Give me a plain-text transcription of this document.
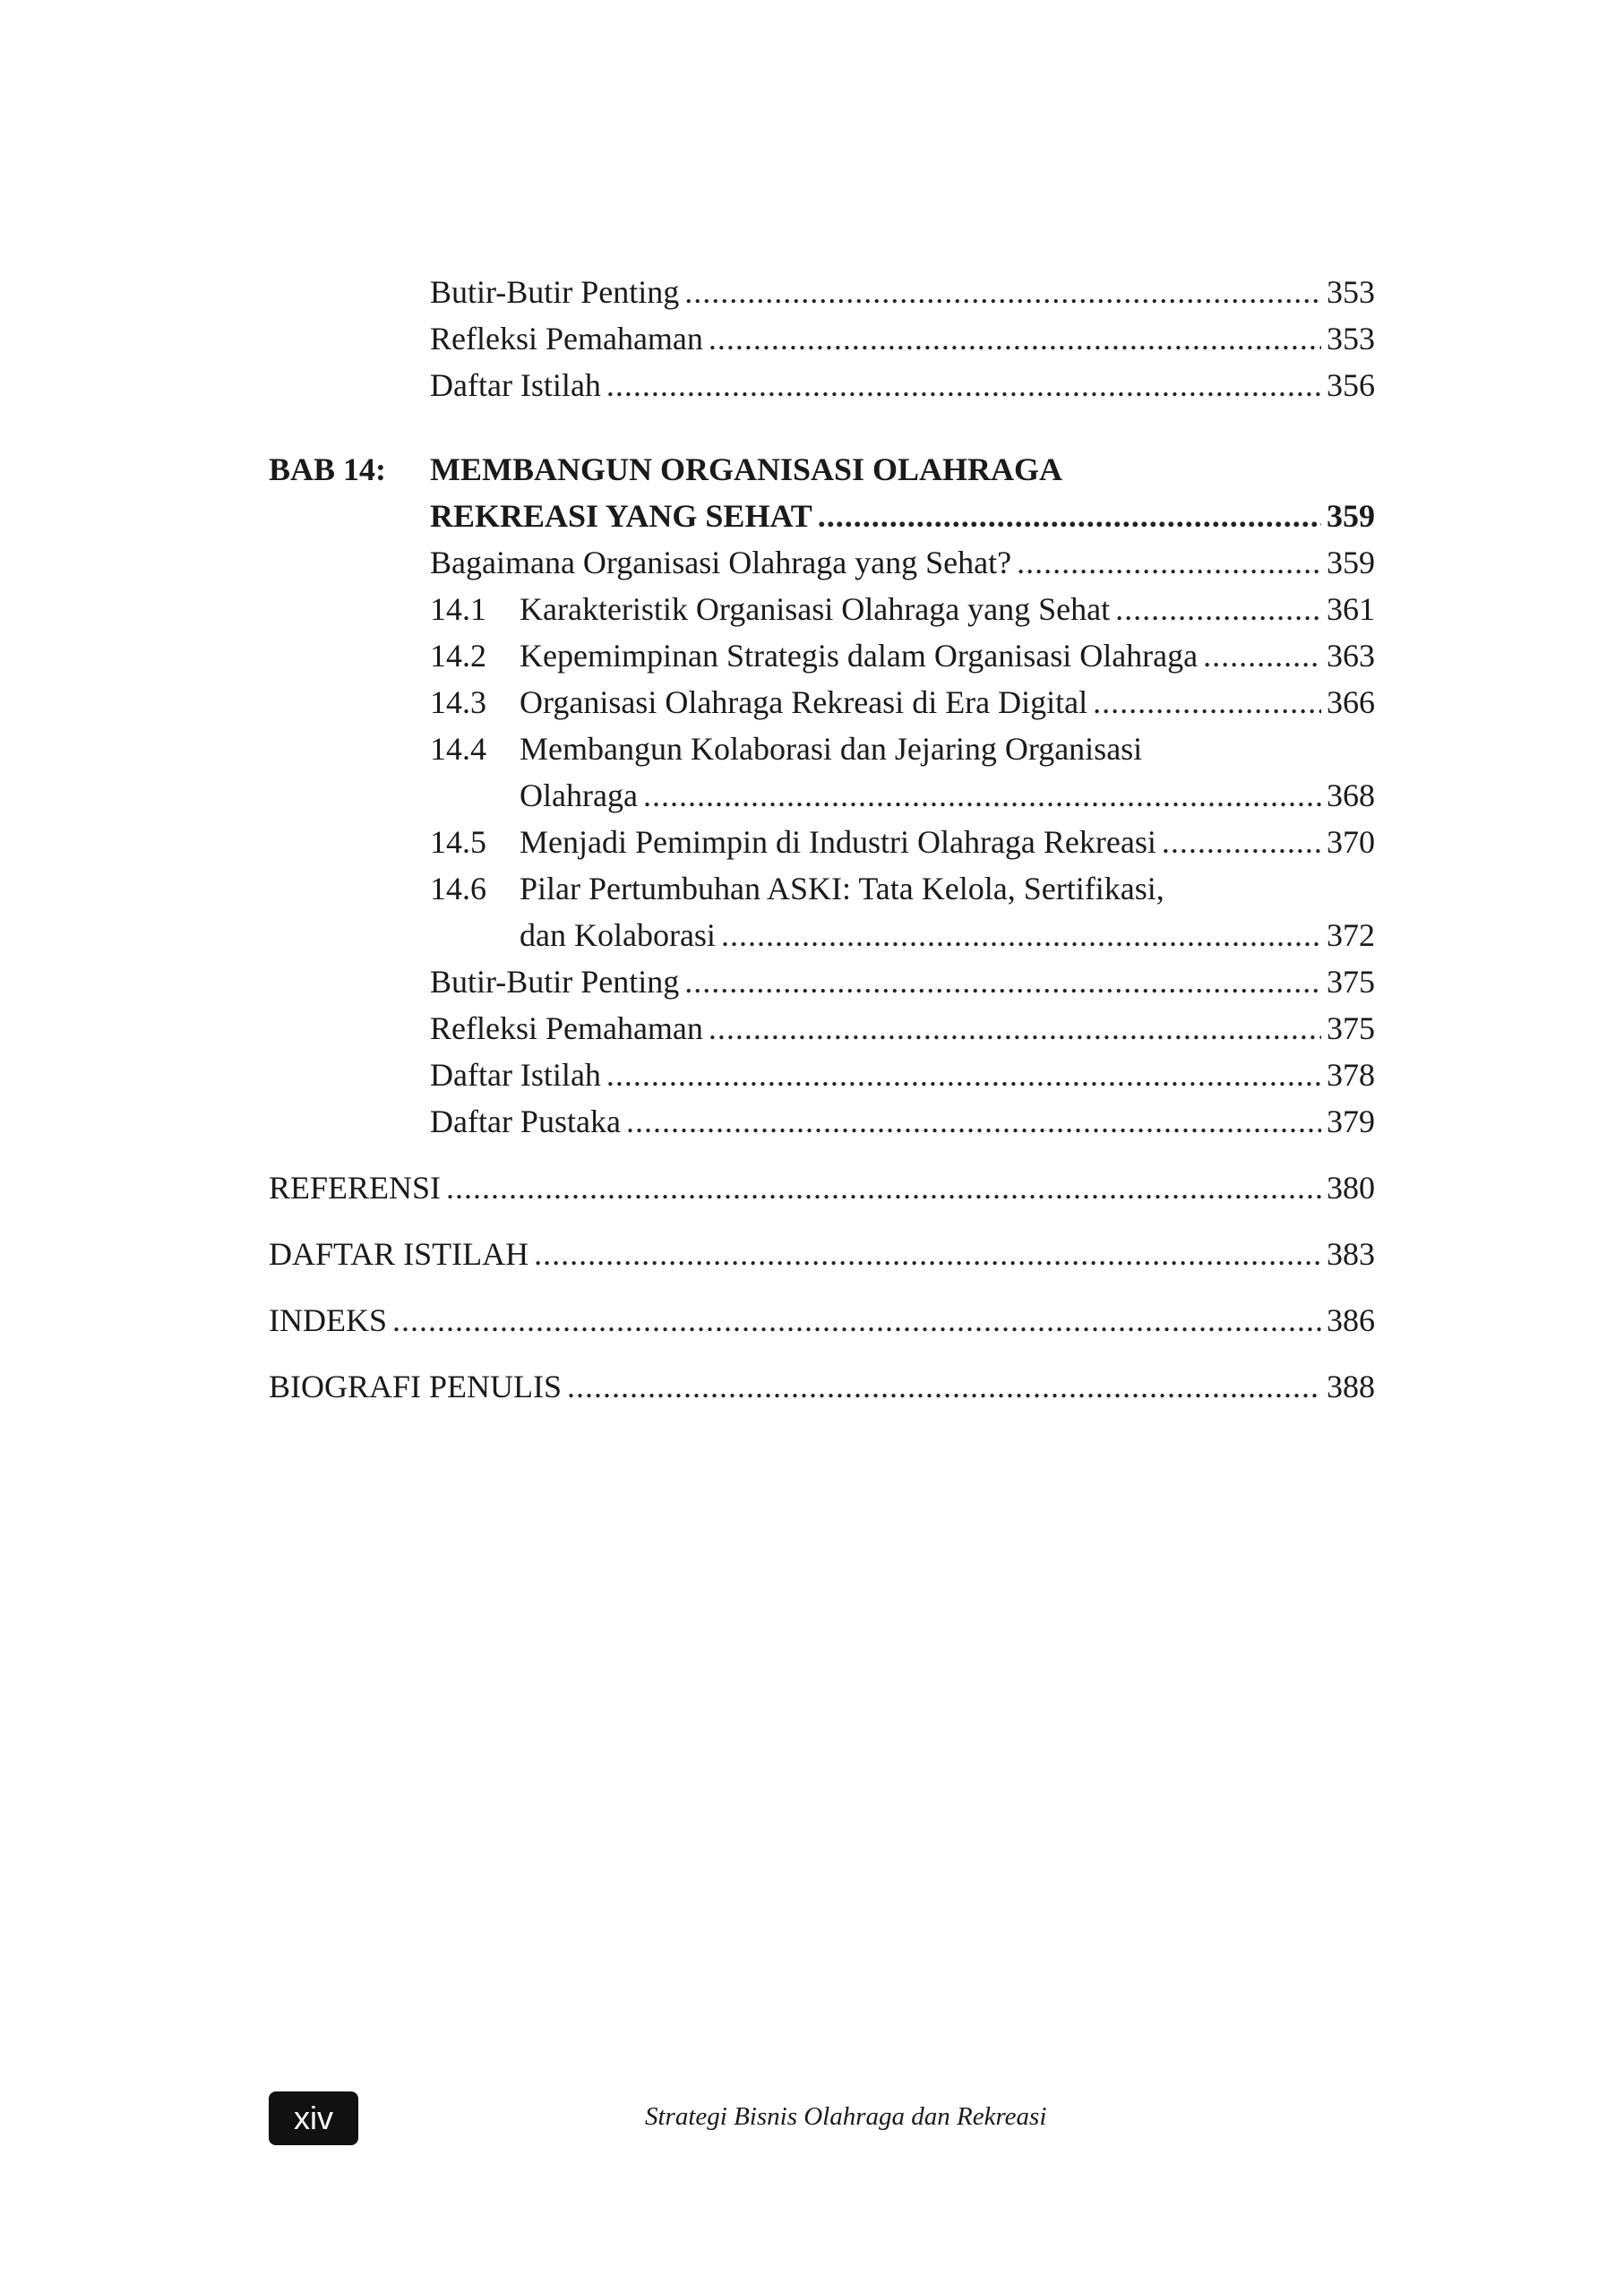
Butir-Butir Penting . . .	353
Refleksi Pemahaman . . .	353
Daftar Istilah . . .	356
BAB 14:	MEMBANGUN ORGANISASI OLAHRAGA
REKREASI YANG SEHAT . . .	359
Bagaimana Organisasi Olahraga yang Sehat? . . .	359
14.1 Karakteristik Organisasi Olahraga yang Sehat . . .	361
14.2 Kepemimpinan Strategis dalam Organisasi Olahraga . . .	363
14.3 Organisasi Olahraga Rekreasi di Era Digital . . .	366
14.4 Membangun Kolaborasi dan Jejaring Organisasi
Olahraga . . .	368
14.5 Menjadi Pemimpin di Industri Olahraga Rekreasi . . .	370
14.6 Pilar Pertumbuhan ASKI: Tata Kelola, Sertifikasi,
dan Kolaborasi . . .	372
Butir-Butir Penting . . .	375
Refleksi Pemahaman . . .	375
Daftar Istilah . . .	378
Daftar Pustaka . . .	379
REFERENSI . . .	380
DAFTAR ISTILAH . . .	383
INDEKS . . .	386
BIOGRAFI PENULIS . . .	388
xiv	Strategi Bisnis Olahraga dan Rekreasi
